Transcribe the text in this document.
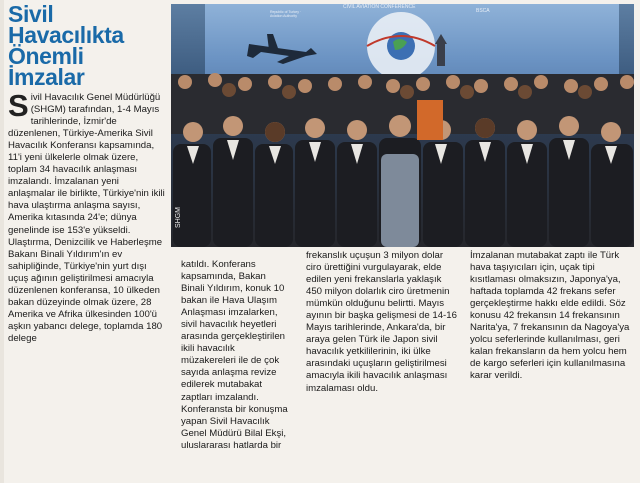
Sivil
Havacılıkta
Önemli
İmzalar
Sivil Havacılık Genel Müdürlüğü (SHGM) tarafından, 1-4 Mayıs tarihlerinde, İzmir'de düzenlenen, Türkiye-Amerika Sivil Havacılık Konferansı kapsamında, 11'i yeni ülkelerle olmak üzere, toplam 34 havacılık anlaşması imzalandı. İmzalanan yeni anlaşmalar ile birlikte, Türkiye'nin ikili hava ulaştırma anlaşma sayısı, Amerika kıtasında 24'e; dünya genelinde ise 153'e yükseldi. Ulaştırma, Denizcilik ve Haberleşme Bakanı Binali Yıldırım'ın ev sahipliğinde, Türkiye'nin yurt dışı uçuş ağının geliştirilmesi amacıyla düzenlenen konferansa, 10 ülkeden bakan düzeyinde olmak üzere, 28 Amerika ve Afrika ülkesinden 100'ü aşkın yabancı delege, toplamda 180 delege
CIVIL AVIATION CONFERENCE
Republic of Turkey · Aviation Authority
BSCA
SHGM
katıldı. Konferans kapsamında, Bakan Binali Yıldırım, konuk 10 bakan ile Hava Ulaşım Anlaşması imzalarken, sivil havacılık heyetleri arasında gerçekleştirilen ikili havacılık müzakereleri ile de çok sayıda anlaşma revize edilerek mutabakat zaptları imzalandı. Konferansta bir konuşma yapan Sivil Havacılık Genel Müdürü Bilal Ekşi, uluslararası hatlarda bir
frekanslık uçuşun 3 milyon dolar ciro ürettiğini vurgulayarak, elde edilen yeni frekanslarla yaklaşık 450 milyon dolarlık ciro üretmenin mümkün olduğunu belirtti. Mayıs ayının bir başka gelişmesi de 14-16 Mayıs tarihlerinde, Ankara'da, bir araya gelen Türk ile Japon sivil havacılık yetkililerinin, iki ülke arasındaki uçuşların geliştirilmesi amacıyla ikili havacılık anlaşması imzalaması oldu.
İmzalanan mutabakat zaptı ile Türk hava taşıyıcıları için, uçak tipi kısıtlaması olmaksızın, Japonya'ya, haftada toplamda 42 frekans sefer gerçekleştirme hakkı elde edildi. Söz konusu 42 frekansın 14 frekansının Narita'ya, 7 frekansının da Nagoya'ya yolcu seferlerinde kullanılması, geri kalan frekansların da hem yolcu hem de kargo seferleri için kullanılmasına karar verildi.
